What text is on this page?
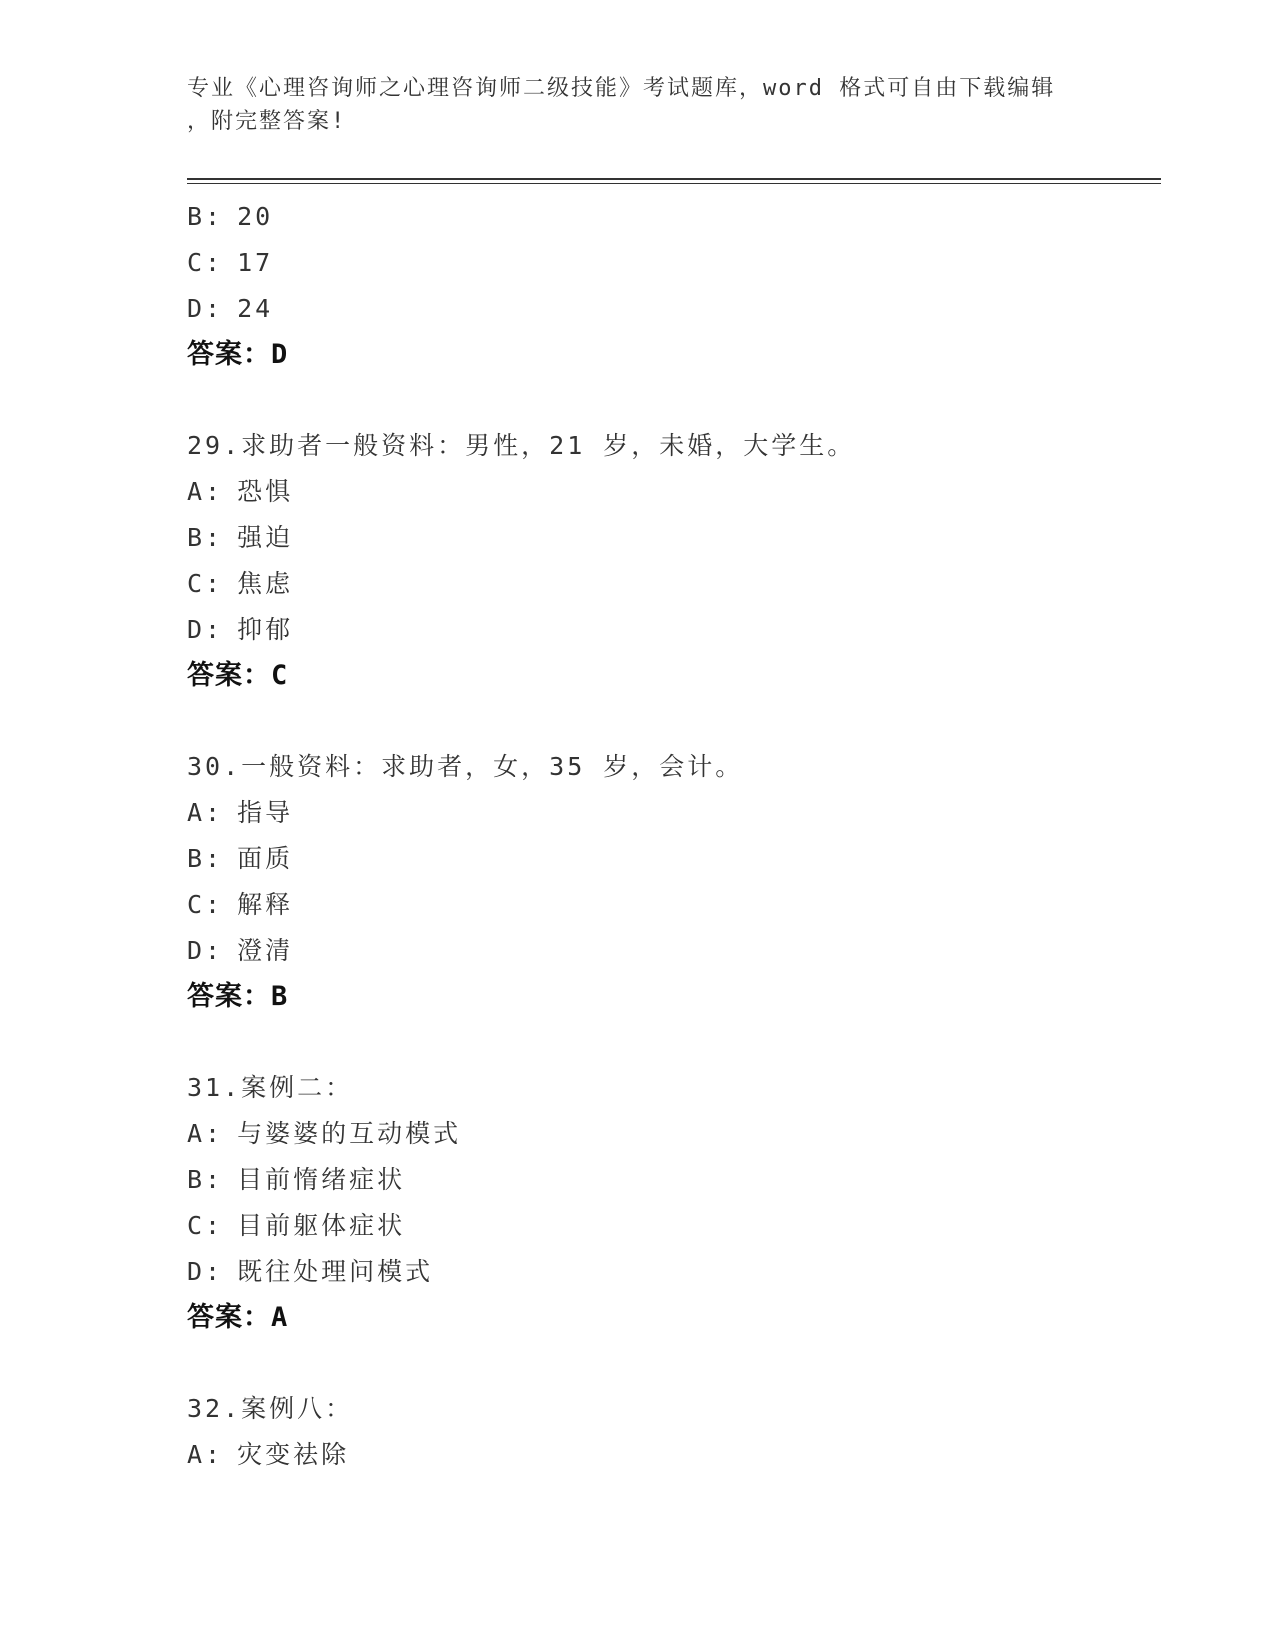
专业《心理咨询师之心理咨询师二级技能》考试题库，word 格式可自由下载编辑
，附完整答案!
B: 20
C: 17
D: 24
答案：D
29.求助者一般资料：男性，21 岁，未婚，大学生。
A: 恐惧
B: 强迫
C: 焦虑
D: 抑郁
答案：C
30.一般资料：求助者，女，35 岁，会计。
A: 指导
B: 面质
C: 解释
D: 澄清
答案：B
31.案例二：
A: 与婆婆的互动模式
B: 目前惰绪症状
C: 目前躯体症状
D: 既往处理问模式
答案：A
32.案例八：
A: 灾变祛除
